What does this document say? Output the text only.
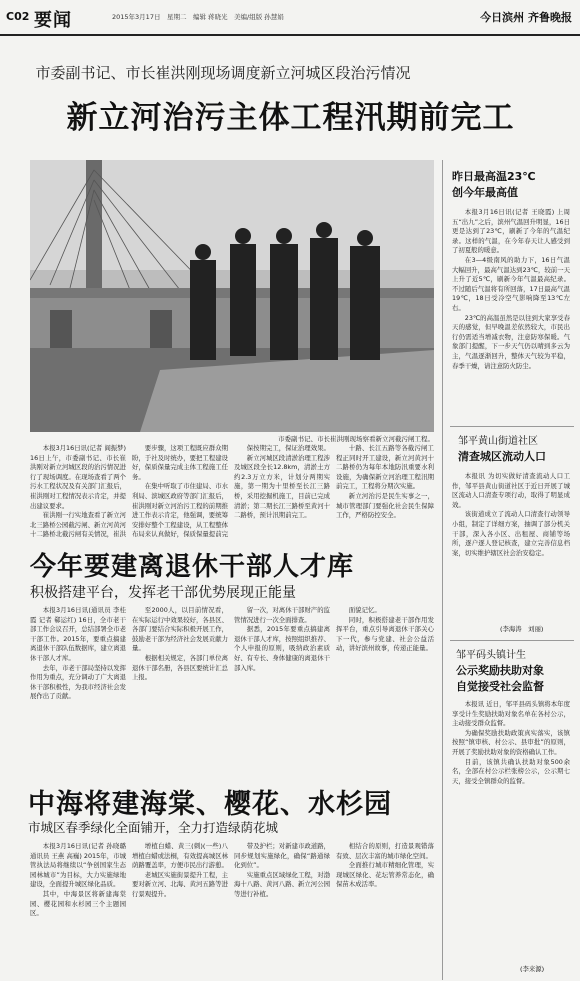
C02 要闻	2015年3月17日　星期二　编辑 蒋晓光　美编/组版 孙慧娟	今日滨州 齐鲁晚报
市委副书记、市长崔洪刚现场调度新立河城区段治污情况
新立河治污主体工程汛期前完工
市委副书记、市长崔洪刚现场察看新立河截污闸工程。

本报3月16日讯(记者 阎振梦) 16日上午，市委副书记、市长崔洪刚对新立河城区段的治污情况进行了现场调度。在现场查看了两个污水工程状况及有关部门汇报后，崔洪刚对工程情况表示肯定，并提出建议要求。

崔洪刚一行实地查看了新立河北三路桥公园截污闸、新立河黄河十二路桥北截污闸有关情况，崔洪

要步骤，这项工程既应群众期盼，于社及时统办，要把工程建设好，保质保量完成主体工程施工任务。

在集中听取了市住建局、市水利局、滨城区政府等部门汇报后，崔洪刚对新立河治污工程的前期推进工作表示肯定，他强调，要统筹安排好整个工程建设，从工程整体布局来认真做好，保质保量提前完

保按期完工，保证治理效果。

新立河城区段清淤治理工程涉及城区段全长12.8km，清淤土方约2.3万立方米，计划分两期实施，第一期为十里桥至长江三路桥，采用挖掘机施工，目前已完成清淤；第二期长江三路桥至黄河十二路桥，预计汛期前完工。

十路、长江五路等各截污闸工程正同时开工建设，新立河黄河十二路桥仍为每年本地防汛重要水利设施，为确保新立河治理工程汛期前完工，工程将分期次实施。

新立河治污是民生实事之一，城市管理部门要强化社会民生保障工作，严格防控安全。

昨日最高温23℃
创今年最高值

本报3月16日讯(记者 王晓霞) 上周五“出九”之后，滨州气温回升明显，16日更是达到了23℃，刷新了今年的气温纪录。这样的气温，在今年春天让人感受到了初夏般的暖意。

在3—4级南风的助力下，16日气温大幅回升，最高气温达到23℃，较前一天上升了近5℃，刷新今年气温最高纪录。不过随后气温将有所回落，17日最高气温19℃，18日受冷空气影响降至13℃左右。

23℃的高温虽然是以往到大家享受春天的感觉，但早晚温差依然较大，市民出行仍需适当增减衣物，注意防寒保暖。气象部门提醒，下一步天气仍以晴到多云为主，气温逐渐回升，整体天气较为平稳，春季干燥，请注意防火防尘。

邹平黄山街道社区
清查城区流动人口

本报讯 为切实做好清查流动人口工作，邹平县黄山街道社区于近日开展了城区流动人口清查专项行动，取得了明显成效。

该街道成立了流动人口清查行动领导小组，制定了详细方案，抽调了部分机关干部，深入各小区、出租屋、商铺等场所，逐户逐人登记核查，建立完善信息档案，切实维护辖区社会治安稳定。

(李海涛　刘丽)
邹平码头镇计生
公示奖励扶助对象
自觉接受社会监督

本报讯 近日，邹平县码头镇将本年度享受计生奖励扶助对象名单在各村公示，主动接受群众监督。

为确保奖励扶助政策真实落实，该镇按照“镇审核、村公示、县审批”的原则，开展了奖励扶助对象的资格确认工作。

目前，该镇共确认扶助对象500余名，全部在村公示栏张榜公示，公示期七天，接受全镇群众的监督。

(李来源)
今年要建离退休干部人才库
积极搭建平台，发挥老干部优势展现正能量

本报3月16日讯(通讯员 李桂霞 记者 郗运红) 16日，全市老干部工作会议召开，总结部署全市老干部工作。2015年，要重点搞建离退休干部队伍数据库，建立离退休干部人才库。

去年，市老干部局坚持以发挥作用为重点，充分调动了广大离退休干部积极性，为我市经济社会发展作出了贡献。

至2000人，以目前情况看，在实际运行中效果较好，各县区、各部门要结合实际积极开展工作，鼓励老干部为经济社会发展贡献力量。

根据相关规定，各部门单位离退休干部名册，各县区要统计汇总上报。

留一次，对离休干部财产的监管情况进行一次全面排查。

据悉，2015年要重点搞建离退休干部人才库，按照组织推荐、个人申报的原则，吸纳政治素质好、有专长、身体健康的离退休干部入库。

面貌记忆。

同时，积极搭建老干部作用发挥平台，重点引导离退休干部关心下一代，参与党建、社会公益活动，讲好滨州故事，传递正能量。

中海将建海棠、樱花、水杉园
市城区春季绿化全面铺开，全力打造绿荫花城

本报3月16日讯(记者 孙晓璐 通讯员 王燕 高巍) 2015年，市城管执法局将继续以“争创国家生态园林城市”为目标，大力实施绿地建设，全面提升城区绿化品质。

其中，中海景区将新建海棠园、樱花园和水杉园三个主题园区。

增植白蜡、黄三(刺)(一些)八增植白蜡或法桐，有效提高城区林荫路覆盖率，方便市民出行游憩。

老城区实施街景提升工程，主要对新立河、北海、黄河五路等进行景观提升。

带及护栏；对新建市政道路，同步规划实施绿化，确保“路通绿化到位”。

实施重点区域绿化工程，对渤海十八路、黄河八路、新立河公园等进行补植。

相结合的原则，打造景观错落有致、层次丰富的城市绿化空间。

全面推行城市精细化管理，实现城区绿化、花坛管养常态化，确保苗木成活率。
